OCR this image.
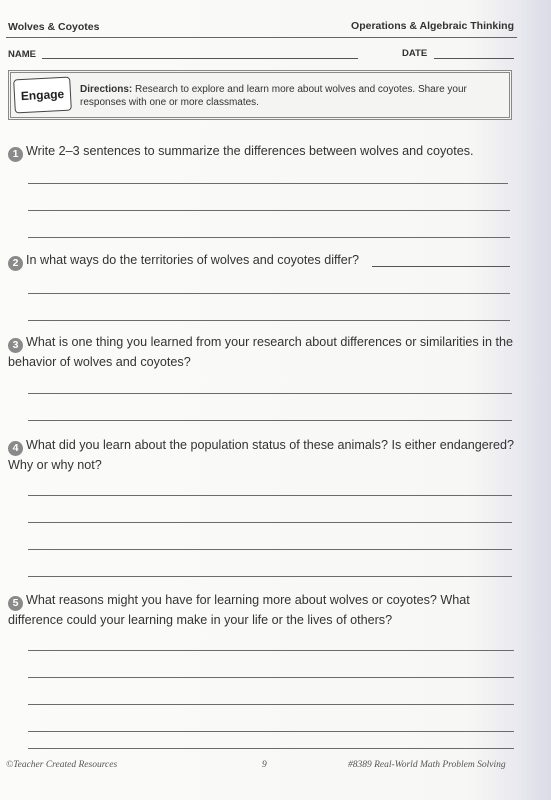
Wolves & Coyotes	Operations & Algebraic Thinking
NAME	DATE
Engage	Directions: Research to explore and learn more about wolves and coyotes. Share your responses with one or more classmates.
1 Write 2–3 sentences to summarize the differences between wolves and coyotes.
2 In what ways do the territories of wolves and coyotes differ?
3 What is one thing you learned from your research about differences or similarities in the behavior of wolves and coyotes?
4 What did you learn about the population status of these animals? Is either endangered? Why or why not?
5 What reasons might you have for learning more about wolves or coyotes? What difference could your learning make in your life or the lives of others?
©Teacher Created Resources	9	#8389 Real-World Math Problem Solving
